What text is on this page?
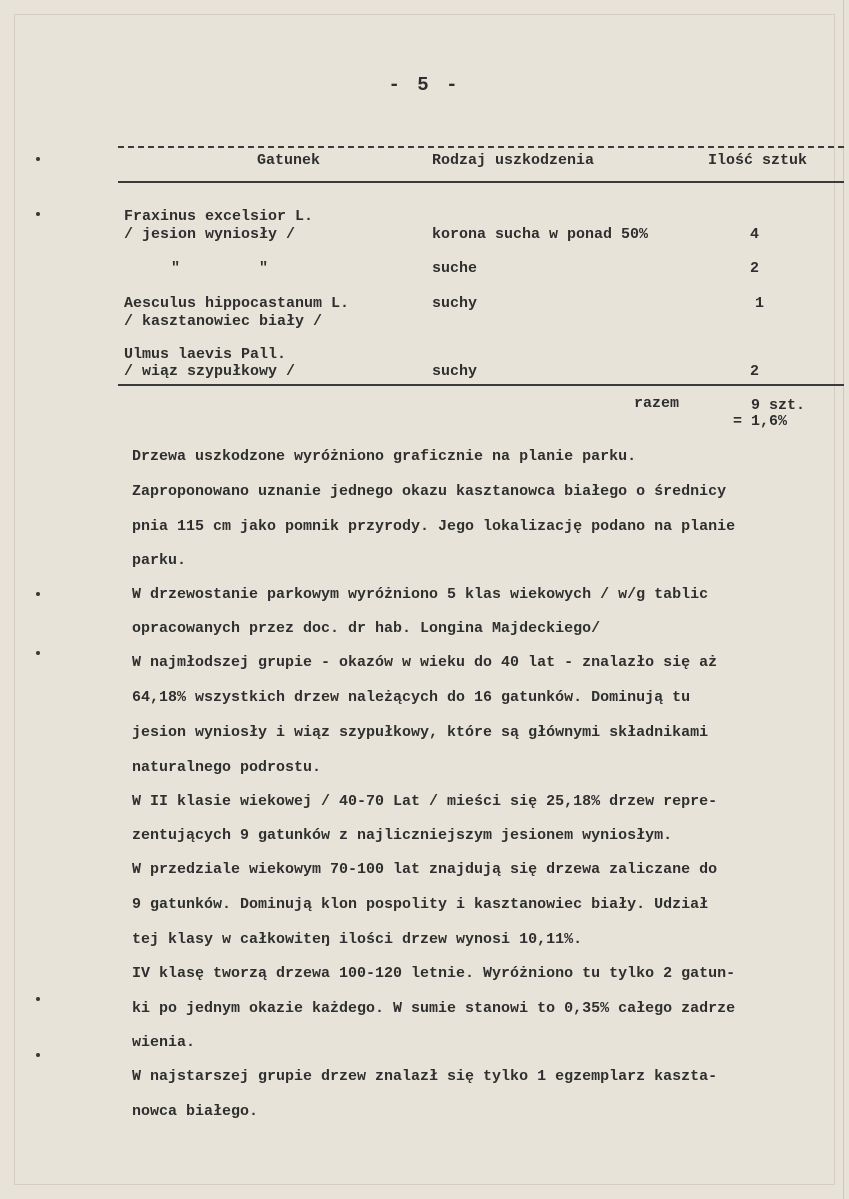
- 5 -
Gatunek	Rodzaj uszkodzenia	Ilość sztuk
Fraxinus excelsior L.
/ jesion wyniosły /	korona sucha w ponad 50%	4
"	"	suche	2
Aesculus hippocastanum L.
/ kasztanowiec biały /
suchy	1
Ulmus laevis Pall.
/ wiąz szypułkowy /	suchy	2
razem	9 szt.
= 1,6%
Drzewa uszkodzone wyróżniono graficznie na planie parku.
Zaproponowano uznanie jednego okazu kasztanowca białego o średnicy
pnia 115 cm jako pomnik przyrody. Jego lokalizację podano na planie
parku.
W drzewostanie parkowym wyróżniono 5 klas wiekowych / w/g tablic
opracowanych przez doc. dr hab. Longina Majdeckiego/
W najmłodszej grupie - okazów w wieku do 40 lat - znalazło się aż
64,18% wszystkich drzew należących do 16 gatunków. Dominują tu
jesion wyniosły i wiąz szypułkowy, które są głównymi składnikami
naturalnego podrostu.
W II klasie wiekowej / 40-70 Lat / mieści się 25,18% drzew repre-
zentujących 9 gatunków z najliczniejszym jesionem wyniosłym.
W przedziale wiekowym 70-100 lat znajdują się drzewa zaliczane do
9 gatunków. Dominują klon pospolity i kasztanowiec biały. Udział
tej klasy w całkowiteŋ ilości drzew wynosi 10,11%.
IV klasę tworzą drzewa 100-120 letnie. Wyróżniono tu tylko 2 gatun-
ki po jednym okazie każdego. W sumie stanowi to 0,35% całego zadrze
wienia.
W najstarszej grupie drzew znalazł się tylko 1 egzemplarz kaszta-
nowca białego.
